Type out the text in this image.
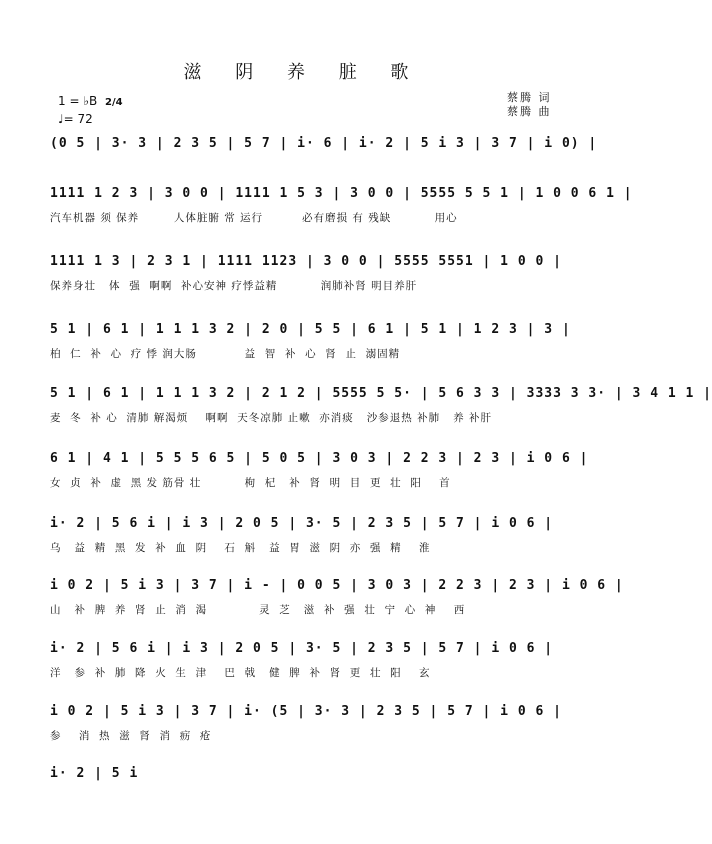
滋 阴 养 脏 歌
1 = ♭B 2/4
♩= 72
蔡腾 词
蔡腾 曲
(0 5 | 3· 3 | 2 3 5 | 5 7 | i· 6 | i· 2 | 5 i 3 | 3 7 | i 0) |
1111 1 2 3 | 3 0 0 | 1111 1 5 3 | 3 0 0 | 5555 5 5 1 | 1 0 0 6 1 |
汽车机器 须 保养        人体脏腑 常 运行         必有磨损 有 残缺          用心
1111 1 3 | 2 3 1 | 1111 1123 | 3 0 0 | 5555 5551 | 1 0 0 |
保养身壮   体  强  啊啊  补心安神 疗悸益精          润肺补肾 明目养肝
5 1 | 6 1 | 1 1 1 3 2 | 2 0 | 5 5 | 6 1 | 5 1 | 1 2 3 | 3 |
柏  仁  补  心  疗 悸 润大肠           益  智  补  心  肾  止  溺固精
5 1 | 6 1 | 1 1 1 3 2 | 2 1 2 | 5555 5 5· | 5 6 3 3 | 3333 3 3· | 3 4 1 1 |
麦  冬  补 心  清肺 解渴烦    啊啊  天冬凉肺 止嗽  亦消痰   沙参退热 补肺   养 补肝
6 1 | 4 1 | 5 5 5 6 5 | 5 0 5 | 3 0 3 | 2 2 3 | 2 3 | i 0 6 |
女  贞  补  虚  黑 发 筋骨 壮          枸  杞   补  肾  明  目  更  壮  阳    首
i· 2 | 5 6 i | i 3 | 2 0 5 | 3· 5 | 2 3 5 | 5 7 | i 0 6 |
乌   益  精  黑  发  补  血  阴    石  斛   益  胃  滋  阴  亦  强  精    淮
i 0 2 | 5 i 3 | 3 7 | i - | 0 0 5 | 3 0 3 | 2 2 3 | 2 3 | i 0 6 |
山   补  脾  养  肾  止  消  渴            灵  芝   滋  补  强  壮  宁  心  神    西
i· 2 | 5 6 i | i 3 | 2 0 5 | 3· 5 | 2 3 5 | 5 7 | i 0 6 |
洋   参  补  肺  降  火  生  津    巴  戟   健  脾  补  肾  更  壮  阳    玄
i 0 2 | 5 i 3 | 3 7 | i· (5 | 3· 3 | 2 3 5 | 5 7 | i 0 6 |
参    消  热  滋  肾  消  疬  疮
i· 2 | 5 i
